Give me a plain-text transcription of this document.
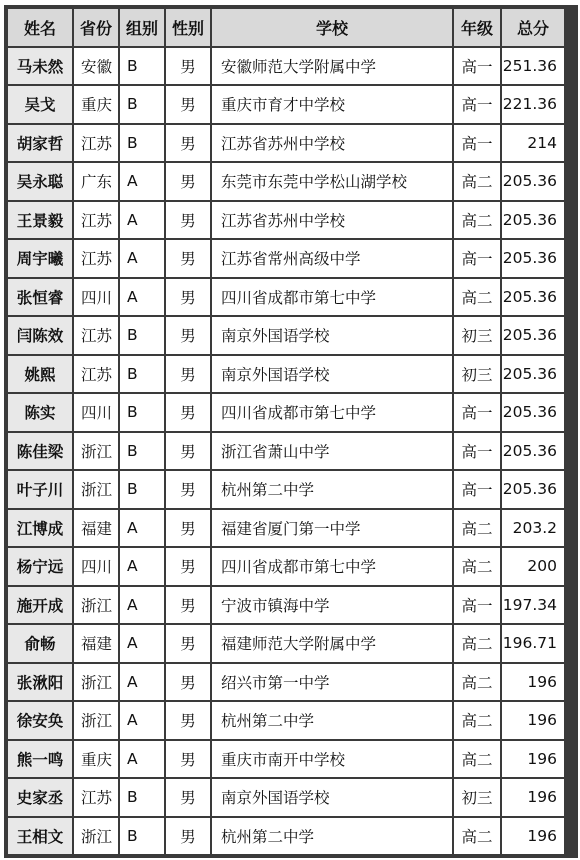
姓名	省份	组别	性别	学校	年级	总分
马未然	安徽	B	男	安徽师范大学附属中学	高一	251.36
吴戈	重庆	B	男	重庆市育才中学校	高一	221.36
胡家哲	江苏	B	男	江苏省苏州中学校	高一	214
吴永聪	广东	A	男	东莞市东莞中学松山湖学校	高二	205.36
王景毅	江苏	A	男	江苏省苏州中学校	高二	205.36
周宇曦	江苏	A	男	江苏省常州高级中学	高一	205.36
张恒睿	四川	A	男	四川省成都市第七中学	高二	205.36
闫陈效	江苏	B	男	南京外国语学校	初三	205.36
姚熙	江苏	B	男	南京外国语学校	初三	205.36
陈实	四川	B	男	四川省成都市第七中学	高一	205.36
陈佳梁	浙江	B	男	浙江省萧山中学	高一	205.36
叶子川	浙江	B	男	杭州第二中学	高一	205.36
江博成	福建	A	男	福建省厦门第一中学	高二	203.2
杨宁远	四川	A	男	四川省成都市第七中学	高二	200
施开成	浙江	A	男	宁波市镇海中学	高一	197.34
俞畅	福建	A	男	福建师范大学附属中学	高二	196.71
张湫阳	浙江	A	男	绍兴市第一中学	高二	196
徐安奂	浙江	A	男	杭州第二中学	高二	196
熊一鸣	重庆	A	男	重庆市南开中学校	高二	196
史家丞	江苏	B	男	南京外国语学校	初三	196
王相文	浙江	B	男	杭州第二中学	高二	196
